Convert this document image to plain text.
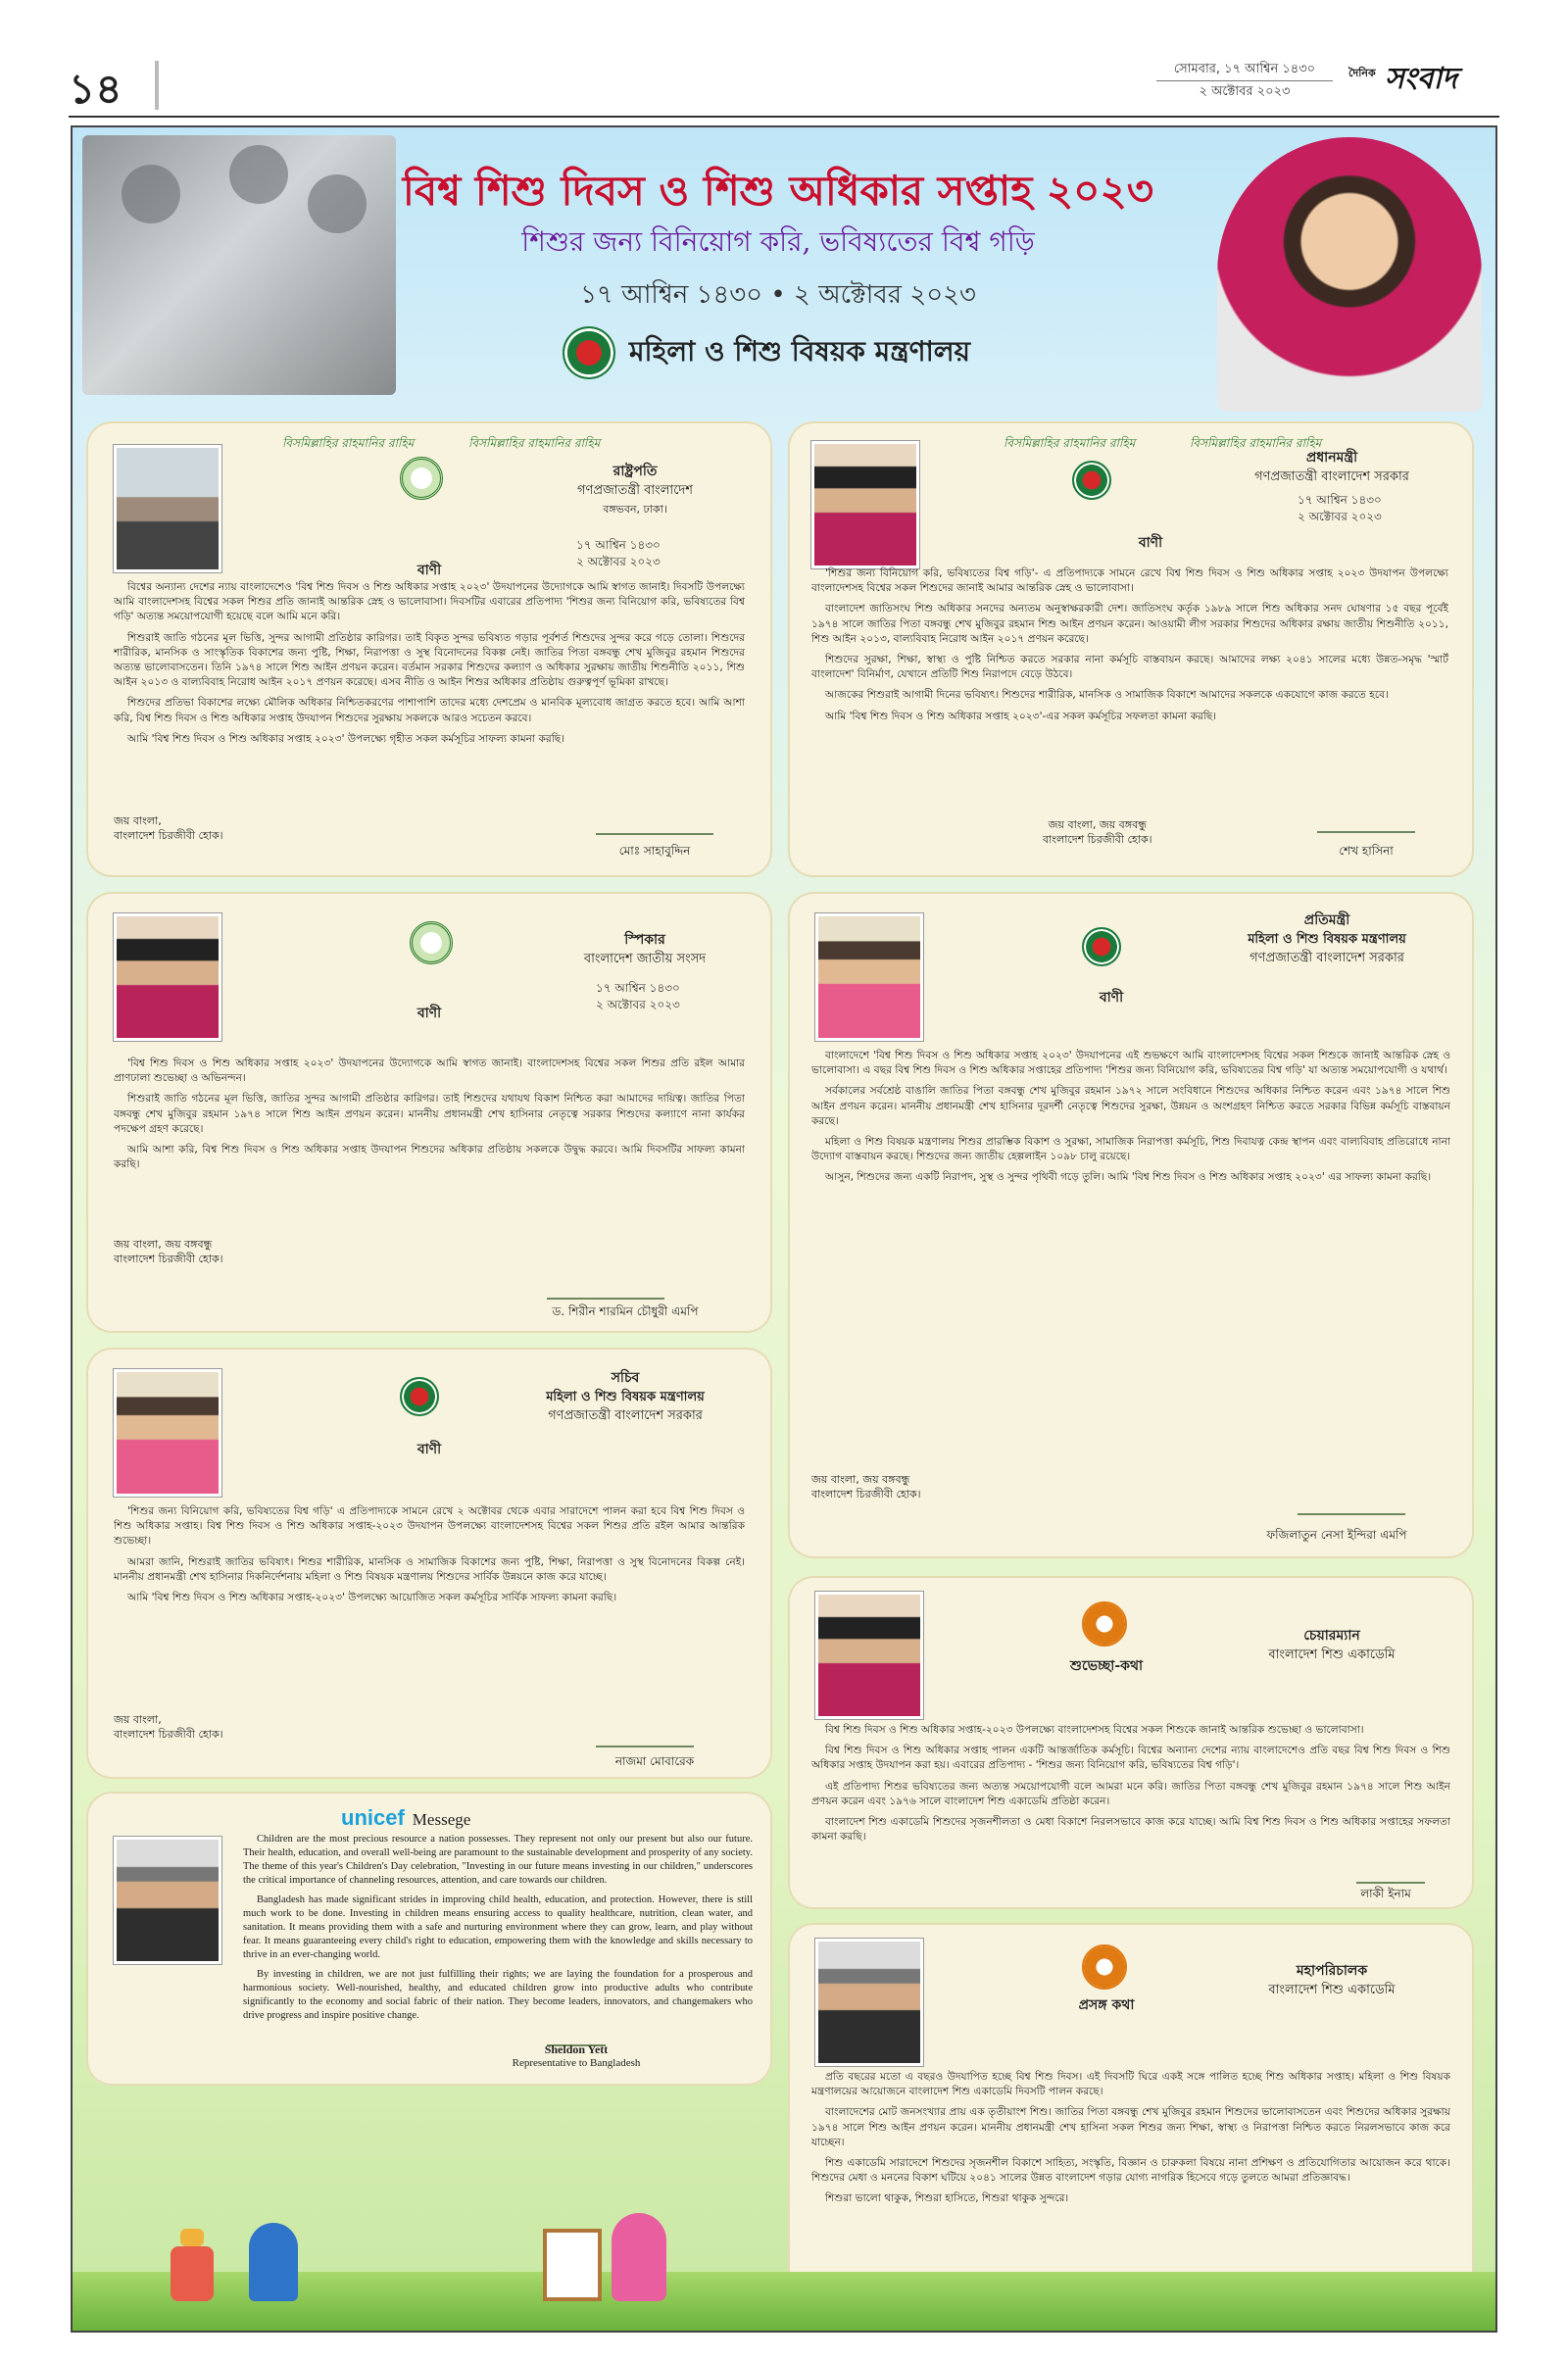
১৪	সোমবার, ১৭ আশ্বিন ১৪৩০
২ অক্টোবর ২০২৩
দৈনিক সংবাদ
বিশ্ব শিশু দিবস ও শিশু অধিকার সপ্তাহ ২০২৩
শিশুর জন্য বিনিয়োগ করি, ভবিষ্যতের বিশ্ব গড়ি
১৭ আশ্বিন ১৪৩০ • ২ অক্টোবর ২০২৩
মহিলা ও শিশু বিষয়ক মন্ত্রণালয়
বিসমিল্লাহির রাহমানির রাহিম	বিসমিল্লাহির রাহমানির রাহিম
রাষ্ট্রপতি
গণপ্রজাতন্ত্রী বাংলাদেশ
বঙ্গভবন, ঢাকা।
১৭ আশ্বিন ১৪৩০
২ অক্টোবর ২০২৩
বাণী

বিশ্বের অন্যান্য দেশের ন্যায় বাংলাদেশেও 'বিশ্ব শিশু দিবস ও শিশু অধিকার সপ্তাহ ২০২৩' উদযাপনের উদ্যোগকে আমি স্বাগত জানাই। দিবসটি উপলক্ষ্যে আমি বাংলাদেশসহ বিশ্বের সকল শিশুর প্রতি জানাই আন্তরিক স্নেহ ও ভালোবাসা। দিবসটির এবারের প্রতিপাদ্য 'শিশুর জন্য বিনিয়োগ করি, ভবিষ্যতের বিশ্ব গড়ি' অত্যন্ত সময়োপযোগী হয়েছে বলে আমি মনে করি।

শিশুরাই জাতি গঠনের মূল ভিত্তি, সুন্দর আগামী প্রতিষ্ঠার কারিগর। তাই বিকৃত সুন্দর ভবিষ্যত গড়ার পূর্বশর্ত শিশুদের সুন্দর করে গড়ে তোলা। শিশুদের শারীরিক, মানসিক ও সাংস্কৃতিক বিকাশের জন্য পুষ্টি, শিক্ষা, নিরাপত্তা ও সুস্থ বিনোদনের বিকল্প নেই। জাতির পিতা বঙ্গবন্ধু শেখ মুজিবুর রহমান শিশুদের অত্যন্ত ভালোবাসতেন। তিনি ১৯৭৪ সালে শিশু আইন প্রণয়ন করেন। বর্তমান সরকার শিশুদের কল্যাণ ও অধিকার সুরক্ষায় জাতীয় শিশুনীতি ২০১১, শিশু আইন ২০১৩ ও বাল্যবিবাহ নিরোধ আইন ২০১৭ প্রণয়ন করেছে। এসব নীতি ও আইন শিশুর অধিকার প্রতিষ্ঠায় গুরুত্বপূর্ণ ভূমিকা রাখছে।

শিশুদের প্রতিভা বিকাশের লক্ষ্যে মৌলিক অধিকার নিশ্চিতকরণের পাশাপাশি তাদের মধ্যে দেশপ্রেম ও মানবিক মূল্যবোধ জাগ্রত করতে হবে। আমি আশা করি, বিশ্ব শিশু দিবস ও শিশু অধিকার সপ্তাহ উদযাপন শিশুদের সুরক্ষায় সকলকে আরও সচেতন করবে।

আমি 'বিশ্ব শিশু দিবস ও শিশু অধিকার সপ্তাহ ২০২৩' উপলক্ষ্যে গৃহীত সকল কর্মসূচির সাফল্য কামনা করছি।

জয় বাংলা,
বাংলাদেশ চিরজীবী হোক।
মোঃ সাহাবুদ্দিন
বিসমিল্লাহির রাহমানির রাহিম	বিসমিল্লাহির রাহমানির রাহিম
প্রধানমন্ত্রী
গণপ্রজাতন্ত্রী বাংলাদেশ সরকার
১৭ আশ্বিন ১৪৩০
২ অক্টোবর ২০২৩
বাণী

'শিশুর জন্য বিনিয়োগ করি, ভবিষ্যতের বিশ্ব গড়ি'- এ প্রতিপাদ্যকে সামনে রেখে বিশ্ব শিশু দিবস ও শিশু অধিকার সপ্তাহ ২০২৩ উদযাপন উপলক্ষ্যে বাংলাদেশসহ বিশ্বের সকল শিশুদের জানাই আমার আন্তরিক স্নেহ ও ভালোবাসা।

বাংলাদেশ জাতিসংঘ শিশু অধিকার সনদের অন্যতম অনুস্বাক্ষরকারী দেশ। জাতিসংঘ কর্তৃক ১৯৮৯ সালে শিশু অধিকার সনদ ঘোষণার ১৫ বছর পূর্বেই ১৯৭৪ সালে জাতির পিতা বঙ্গবন্ধু শেখ মুজিবুর রহমান শিশু আইন প্রণয়ন করেন। আওয়ামী লীগ সরকার শিশুদের অধিকার রক্ষায় জাতীয় শিশুনীতি ২০১১, শিশু আইন ২০১৩, বাল্যবিবাহ নিরোধ আইন ২০১৭ প্রণয়ন করেছে।

শিশুদের সুরক্ষা, শিক্ষা, স্বাস্থ্য ও পুষ্টি নিশ্চিত করতে সরকার নানা কর্মসূচি বাস্তবায়ন করছে। আমাদের লক্ষ্য ২০৪১ সালের মধ্যে উন্নত-সমৃদ্ধ 'স্মার্ট বাংলাদেশ' বিনির্মাণ, যেখানে প্রতিটি শিশু নিরাপদে বেড়ে উঠবে।

আজকের শিশুরাই আগামী দিনের ভবিষ্যৎ। শিশুদের শারীরিক, মানসিক ও সামাজিক বিকাশে আমাদের সকলকে একযোগে কাজ করতে হবে।

আমি 'বিশ্ব শিশু দিবস ও শিশু অধিকার সপ্তাহ ২০২৩'-এর সকল কর্মসূচির সফলতা কামনা করছি।

জয় বাংলা, জয় বঙ্গবন্ধু
বাংলাদেশ চিরজীবী হোক।
শেখ হাসিনা
স্পিকার
বাংলাদেশ জাতীয় সংসদ
১৭ আশ্বিন ১৪৩০
২ অক্টোবর ২০২৩
বাণী

'বিশ্ব শিশু দিবস ও শিশু অধিকার সপ্তাহ ২০২৩' উদযাপনের উদ্যোগকে আমি স্বাগত জানাই। বাংলাদেশসহ বিশ্বের সকল শিশুর প্রতি রইল আমার প্রাণঢালা শুভেচ্ছা ও অভিনন্দন।

শিশুরাই জাতি গঠনের মূল ভিত্তি, জাতির সুন্দর আগামী প্রতিষ্ঠার কারিগর। তাই শিশুদের যথাযথ বিকাশ নিশ্চিত করা আমাদের দায়িত্ব। জাতির পিতা বঙ্গবন্ধু শেখ মুজিবুর রহমান ১৯৭৪ সালে শিশু আইন প্রণয়ন করেন। মাননীয় প্রধানমন্ত্রী শেখ হাসিনার নেতৃত্বে সরকার শিশুদের কল্যাণে নানা কার্যকর পদক্ষেপ গ্রহণ করেছে।

আমি আশা করি, বিশ্ব শিশু দিবস ও শিশু অধিকার সপ্তাহ উদযাপন শিশুদের অধিকার প্রতিষ্ঠায় সকলকে উদ্বুদ্ধ করবে। আমি দিবসটির সাফল্য কামনা করছি।

জয় বাংলা, জয় বঙ্গবন্ধু
বাংলাদেশ চিরজীবী হোক।
ড. শিরীন শারমিন চৌধুরী এমপি
প্রতিমন্ত্রী
মহিলা ও শিশু বিষয়ক মন্ত্রণালয়
গণপ্রজাতন্ত্রী বাংলাদেশ সরকার
বাণী

বাংলাদেশে 'বিশ্ব শিশু দিবস ও শিশু অধিকার সপ্তাহ ২০২৩' উদযাপনের এই শুভক্ষণে আমি বাংলাদেশসহ বিশ্বের সকল শিশুকে জানাই আন্তরিক স্নেহ ও ভালোবাসা। এ বছর বিশ্ব শিশু দিবস ও শিশু অধিকার সপ্তাহের প্রতিপাদ্য 'শিশুর জন্য বিনিয়োগ করি, ভবিষ্যতের বিশ্ব গড়ি' যা অত্যন্ত সময়োপযোগী ও যথার্থ।

সর্বকালের সর্বশ্রেষ্ঠ বাঙালি জাতির পিতা বঙ্গবন্ধু শেখ মুজিবুর রহমান ১৯৭২ সালে সংবিধানে শিশুদের অধিকার নিশ্চিত করেন এবং ১৯৭৪ সালে শিশু আইন প্রণয়ন করেন। মাননীয় প্রধানমন্ত্রী শেখ হাসিনার দূরদর্শী নেতৃত্বে শিশুদের সুরক্ষা, উন্নয়ন ও অংশগ্রহণ নিশ্চিত করতে সরকার বিভিন্ন কর্মসূচি বাস্তবায়ন করছে।

মহিলা ও শিশু বিষয়ক মন্ত্রণালয় শিশুর প্রারম্ভিক বিকাশ ও সুরক্ষা, সামাজিক নিরাপত্তা কর্মসূচি, শিশু দিবাযত্ন কেন্দ্র স্থাপন এবং বাল্যবিবাহ প্রতিরোধে নানা উদ্যোগ বাস্তবায়ন করছে। শিশুদের জন্য জাতীয় হেল্পলাইন ১০৯৮ চালু রয়েছে।

আসুন, শিশুদের জন্য একটি নিরাপদ, সুস্থ ও সুন্দর পৃথিবী গড়ে তুলি। আমি 'বিশ্ব শিশু দিবস ও শিশু অধিকার সপ্তাহ ২০২৩' এর সাফল্য কামনা করছি।

জয় বাংলা, জয় বঙ্গবন্ধু
বাংলাদেশ চিরজীবী হোক।
ফজিলাতুন নেসা ইন্দিরা এমপি
সচিব
মহিলা ও শিশু বিষয়ক মন্ত্রণালয়
গণপ্রজাতন্ত্রী বাংলাদেশ সরকার
বাণী

'শিশুর জন্য বিনিয়োগ করি, ভবিষ্যতের বিশ্ব গড়ি' এ প্রতিপাদ্যকে সামনে রেখে ২ অক্টোবর থেকে এবার সারাদেশে পালন করা হবে বিশ্ব শিশু দিবস ও শিশু অধিকার সপ্তাহ। বিশ্ব শিশু দিবস ও শিশু অধিকার সপ্তাহ-২০২৩ উদযাপন উপলক্ষ্যে বাংলাদেশসহ বিশ্বের সকল শিশুর প্রতি রইল আমার আন্তরিক শুভেচ্ছা।

আমরা জানি, শিশুরাই জাতির ভবিষ্যৎ। শিশুর শারীরিক, মানসিক ও সামাজিক বিকাশের জন্য পুষ্টি, শিক্ষা, নিরাপত্তা ও সুস্থ বিনোদনের বিকল্প নেই। মাননীয় প্রধানমন্ত্রী শেখ হাসিনার দিকনির্দেশনায় মহিলা ও শিশু বিষয়ক মন্ত্রণালয় শিশুদের সার্বিক উন্নয়নে কাজ করে যাচ্ছে।

আমি 'বিশ্ব শিশু দিবস ও শিশু অধিকার সপ্তাহ-২০২৩' উপলক্ষ্যে আয়োজিত সকল কর্মসূচির সার্বিক সাফল্য কামনা করছি।

জয় বাংলা,
বাংলাদেশ চিরজীবী হোক।
নাজমা মোবারেক
শুভেচ্ছা-কথা
চেয়ারম্যান
বাংলাদেশ শিশু একাডেমি

বিশ্ব শিশু দিবস ও শিশু অধিকার সপ্তাহ-২০২৩ উপলক্ষ্যে বাংলাদেশসহ বিশ্বের সকল শিশুকে জানাই আন্তরিক শুভেচ্ছা ও ভালোবাসা।

বিশ্ব শিশু দিবস ও শিশু অধিকার সপ্তাহ পালন একটি আন্তর্জাতিক কর্মসূচি। বিশ্বের অন্যান্য দেশের ন্যায় বাংলাদেশেও প্রতি বছর বিশ্ব শিশু দিবস ও শিশু অধিকার সপ্তাহ উদযাপন করা হয়। এবারের প্রতিপাদ্য - 'শিশুর জন্য বিনিয়োগ করি, ভবিষ্যতের বিশ্ব গড়ি'।

এই প্রতিপাদ্য শিশুর ভবিষ্যতের জন্য অত্যন্ত সময়োপযোগী বলে আমরা মনে করি। জাতির পিতা বঙ্গবন্ধু শেখ মুজিবুর রহমান ১৯৭৪ সালে শিশু আইন প্রণয়ন করেন এবং ১৯৭৬ সালে বাংলাদেশ শিশু একাডেমি প্রতিষ্ঠা করেন।

বাংলাদেশ শিশু একাডেমি শিশুদের সৃজনশীলতা ও মেধা বিকাশে নিরলসভাবে কাজ করে যাচ্ছে। আমি বিশ্ব শিশু দিবস ও শিশু অধিকার সপ্তাহের সফলতা কামনা করছি।

লাকী ইনাম
unicef Messege

Children are the most precious resource a nation possesses. They represent not only our present but also our future. Their health, education, and overall well-being are paramount to the sustainable development and prosperity of any society. The theme of this year's Children's Day celebration, "Investing in our future means investing in our children," underscores the critical importance of channeling resources, attention, and care towards our children.

Bangladesh has made significant strides in improving child health, education, and protection. However, there is still much work to be done. Investing in children means ensuring access to quality healthcare, nutrition, clean water, and sanitation. It means providing them with a safe and nurturing environment where they can grow, learn, and play without fear. It means guaranteeing every child's right to education, empowering them with the knowledge and skills necessary to thrive in an ever-changing world.

By investing in children, we are not just fulfilling their rights; we are laying the foundation for a prosperous and harmonious society. Well-nourished, healthy, and educated children grow into productive adults who contribute significantly to the economy and social fabric of their nation. They become leaders, innovators, and changemakers who drive progress and inspire positive change.

Sheldon Yett
Representative to Bangladesh
প্রসঙ্গ কথা
মহাপরিচালক
বাংলাদেশ শিশু একাডেমি

প্রতি বছরের মতো এ বছরও উদযাপিত হচ্ছে বিশ্ব শিশু দিবস। এই দিবসটি ঘিরে একই সঙ্গে পালিত হচ্ছে শিশু অধিকার সপ্তাহ। মহিলা ও শিশু বিষয়ক মন্ত্রণালয়ের আয়োজনে বাংলাদেশ শিশু একাডেমি দিবসটি পালন করছে।

বাংলাদেশের মোট জনসংখ্যার প্রায় এক তৃতীয়াংশ শিশু। জাতির পিতা বঙ্গবন্ধু শেখ মুজিবুর রহমান শিশুদের ভালোবাসতেন এবং শিশুদের অধিকার সুরক্ষায় ১৯৭৪ সালে শিশু আইন প্রণয়ন করেন। মাননীয় প্রধানমন্ত্রী শেখ হাসিনা সকল শিশুর জন্য শিক্ষা, স্বাস্থ্য ও নিরাপত্তা নিশ্চিত করতে নিরলসভাবে কাজ করে যাচ্ছেন।

শিশু একাডেমি সারাদেশে শিশুদের সৃজনশীল বিকাশে সাহিত্য, সংস্কৃতি, বিজ্ঞান ও চারুকলা বিষয়ে নানা প্রশিক্ষণ ও প্রতিযোগিতার আয়োজন করে থাকে। শিশুদের মেধা ও মননের বিকাশ ঘটিয়ে ২০৪১ সালের উন্নত বাংলাদেশ গড়ার যোগ্য নাগরিক হিসেবে গড়ে তুলতে আমরা প্রতিজ্ঞাবদ্ধ।

শিশুরা ভালো থাকুক, শিশুরা হাসিতে, শিশুরা থাকুক সুন্দরে।
